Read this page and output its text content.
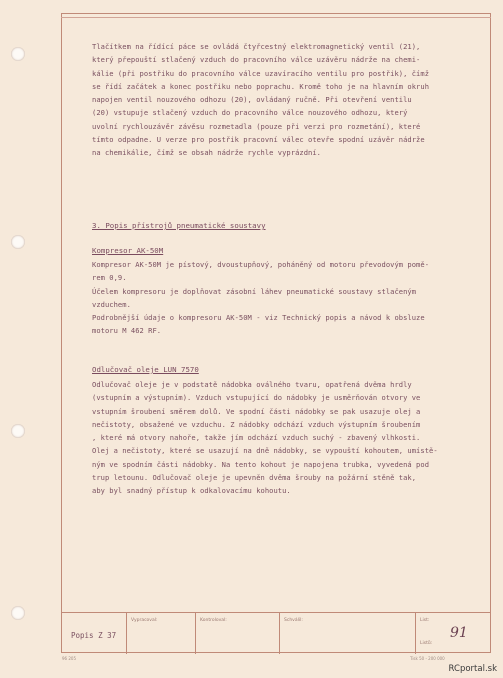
Tlačítkem na řídící páce se ovládá čtyřcestný elektromagnetický ventil (21),
který přepouští stlačený vzduch do pracovního válce uzávěru nádrže na chemi-
kálie (při postřiku do pracovního válce uzavíracího ventilu pro postřik), čímž
se řídí začátek a konec postřiku nebo poprachu. Kromě toho je na hlavním okruh
napojen ventil nouzového odhozu (20), ovládaný ručně. Při otevření ventilu
(20) vstupuje stlačený vzduch do pracovního válce nouzového odhozu, který
uvolní rychlouzávěr závěsu rozmetadla (pouze při verzi pro rozmetání), které
tímto odpadne. U verze pro postřik pracovní válec otevře spodní uzávěr nádrže
na chemikálie, čímž se obsah nádrže rychle vyprázdní.
3. Popis přístrojů pneumatické soustavy
Kompresor AK-50M
Kompresor AK-50M je pístový, dvoustupňový, poháněný od motoru převodovým pomě-
rem 0,9.
Účelem kompresoru je doplňovat zásobní láhev pneumatické soustavy stlačeným
vzduchem.
Podrobnější údaje o kompresoru AK-50M - viz Technický popis a návod k obsluze
motoru M 462 RF.
Odlučovač oleje LUN 7570
Odlučovač oleje je v podstatě nádobka oválného tvaru, opatřená dvěma hrdly
(vstupním a výstupním). Vzduch vstupující do nádobky je usměrňován otvory ve
vstupním šroubení směrem dolů. Ve spodní části nádobky se pak usazuje olej a
nečistoty, obsažené ve vzduchu. Z nádobky odchází vzduch výstupním šroubením
, které má otvory nahoře, takže jím odchází vzduch suchý - zbavený vlhkosti.
Olej a nečistoty, které se usazují na dně nádobky, se vypouští kohoutem, umístě-
ným ve spodním části nádobky. Na tento kohout je napojena trubka, vyvedená pod
trup letounu. Odlučovač oleje je upevněn dvěma šrouby na požární stěně tak,
aby byl snadný přístup k odkalovacímu kohoutu.
Popis Z 37
Vypracoval:	Kontroloval:	Schválil:	List:
Listů:
91
96 205	Tisk 50 - 200 000
RCportal.sk
